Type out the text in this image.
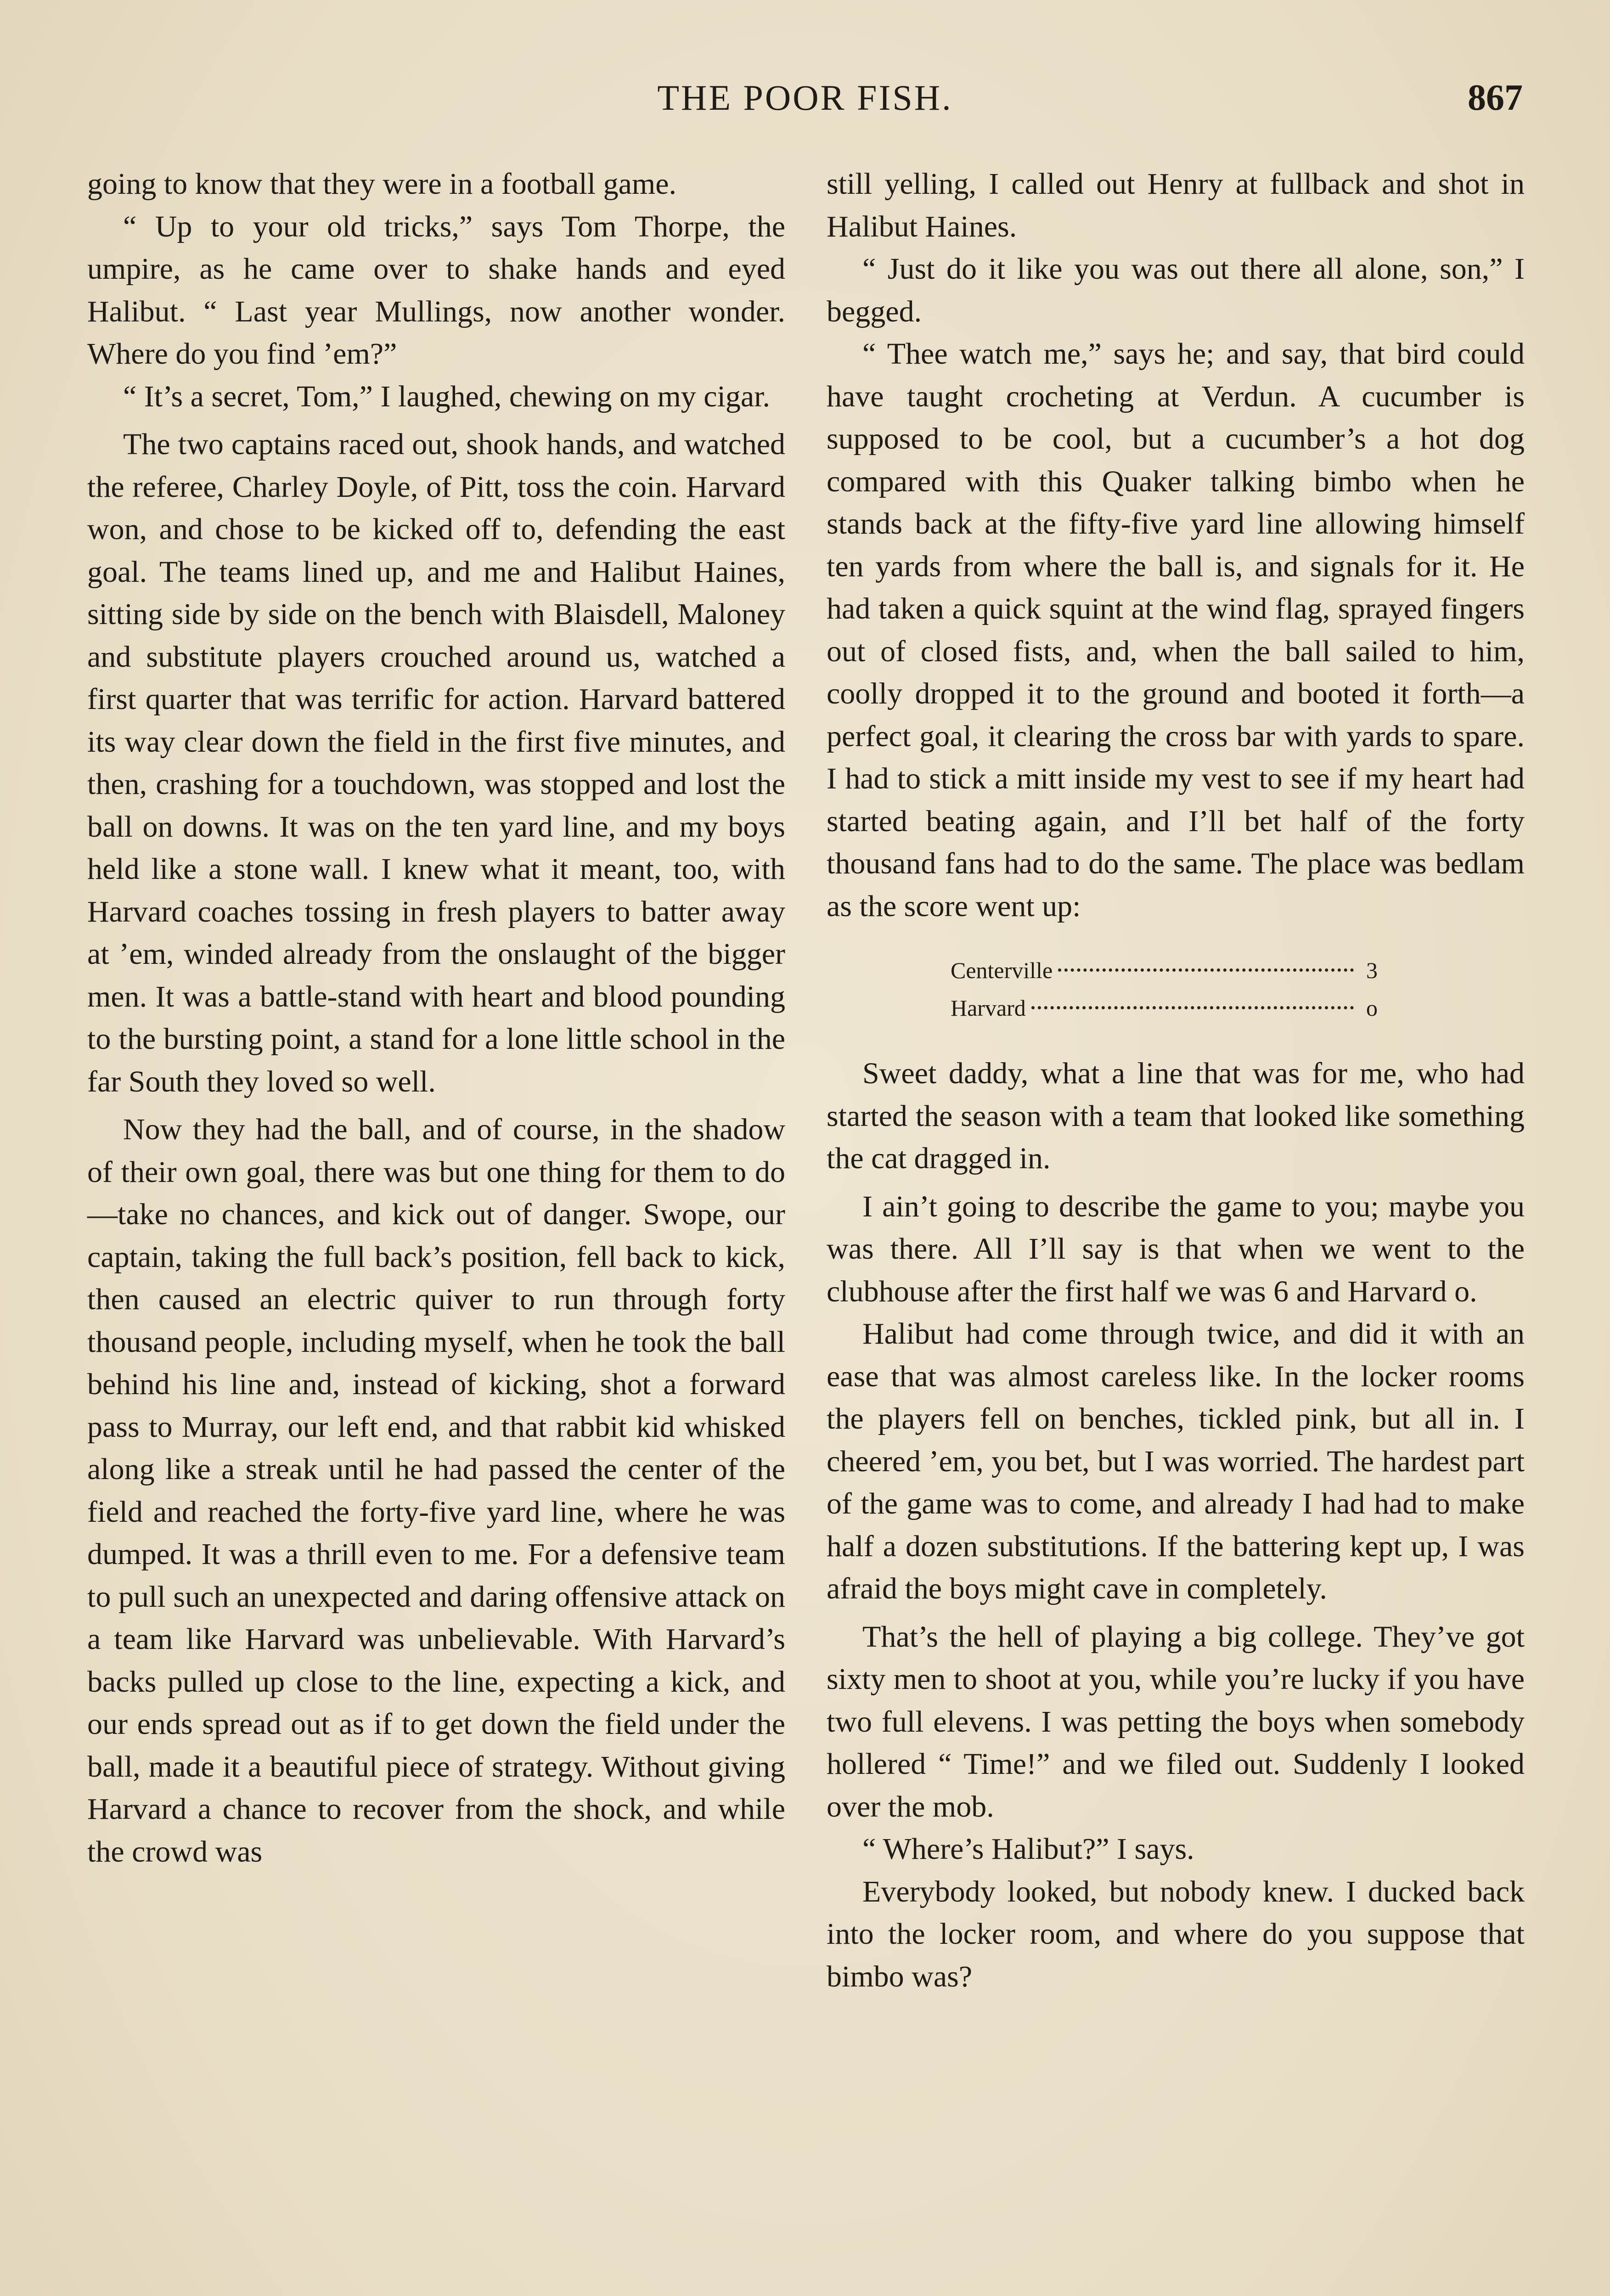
THE POOR FISH.	867

going to know that they were in a football game.

“ Up to your old tricks,” says Tom Thorpe, the umpire, as he came over to shake hands and eyed Halibut. “ Last year Mullings, now another wonder. Where do you find ’em?”

“ It’s a secret, Tom,” I laughed, chewing on my cigar.

The two captains raced out, shook hands, and watched the referee, Charley Doyle, of Pitt, toss the coin. Harvard won, and chose to be kicked off to, defending the east goal. The teams lined up, and me and Halibut Haines, sitting side by side on the bench with Blaisdell, Maloney and substitute players crouched around us, watched a first quarter that was terrific for action. Harvard battered its way clear down the field in the first five minutes, and then, crashing for a touchdown, was stopped and lost the ball on downs. It was on the ten yard line, and my boys held like a stone wall. I knew what it meant, too, with Harvard coaches tossing in fresh players to batter away at ’em, winded already from the onslaught of the bigger men. It was a battle-stand with heart and blood pounding to the bursting point, a stand for a lone little school in the far South they loved so well.

Now they had the ball, and of course, in the shadow of their own goal, there was but one thing for them to do—take no chances, and kick out of danger. Swope, our captain, taking the full back’s position, fell back to kick, then caused an electric quiver to run through forty thousand people, including myself, when he took the ball behind his line and, instead of kicking, shot a forward pass to Murray, our left end, and that rabbit kid whisked along like a streak until he had passed the center of the field and reached the forty-five yard line, where he was dumped. It was a thrill even to me. For a defensive team to pull such an unexpected and daring offensive attack on a team like Harvard was unbelievable. With Harvard’s backs pulled up close to the line, expecting a kick, and our ends spread out as if to get down the field under the ball, made it a beautiful piece of strategy. Without giving Harvard a chance to recover from the shock, and while the crowd was

still yelling, I called out Henry at fullback and shot in Halibut Haines.

“ Just do it like you was out there all alone, son,” I begged.

“ Thee watch me,” says he; and say, that bird could have taught crocheting at Verdun. A cucumber is supposed to be cool, but a cucumber’s a hot dog compared with this Quaker talking bimbo when he stands back at the fifty-five yard line allowing himself ten yards from where the ball is, and signals for it. He had taken a quick squint at the wind flag, sprayed fingers out of closed fists, and, when the ball sailed to him, coolly dropped it to the ground and booted it forth—a perfect goal, it clearing the cross bar with yards to spare. I had to stick a mitt inside my vest to see if my heart had started beating again, and I’ll bet half of the forty thousand fans had to do the same. The place was bedlam as the score went up:

Centerville	3
Harvard	o

Sweet daddy, what a line that was for me, who had started the season with a team that looked like something the cat dragged in.

I ain’t going to describe the game to you; maybe you was there. All I’ll say is that when we went to the clubhouse after the first half we was 6 and Harvard o.

Halibut had come through twice, and did it with an ease that was almost careless like. In the locker rooms the players fell on benches, tickled pink, but all in. I cheered ’em, you bet, but I was worried. The hardest part of the game was to come, and already I had had to make half a dozen substitutions. If the battering kept up, I was afraid the boys might cave in completely.

That’s the hell of playing a big college. They’ve got sixty men to shoot at you, while you’re lucky if you have two full elevens. I was petting the boys when somebody hollered “ Time!” and we filed out. Suddenly I looked over the mob.

“ Where’s Halibut?” I says.

Everybody looked, but nobody knew. I ducked back into the locker room, and where do you suppose that bimbo was?
